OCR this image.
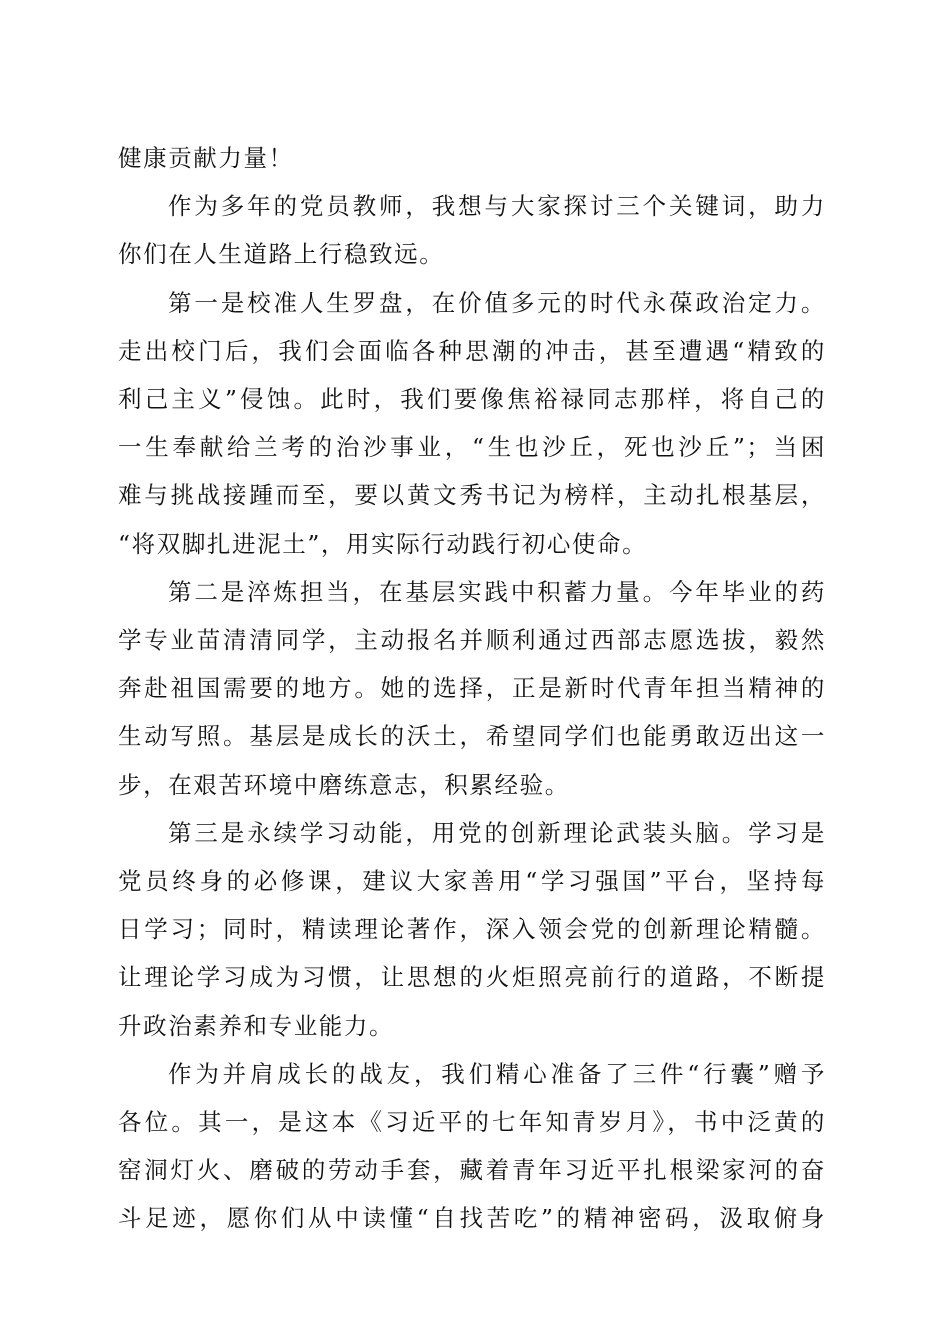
健康贡献力量！
作为多年的党员教师，我想与大家探讨三个关键词，助力
你们在人生道路上行稳致远。
第一是校准人生罗盘，在价值多元的时代永葆政治定力。
走出校门后，我们会面临各种思潮的冲击，甚至遭遇“精致的
利己主义”侵蚀。此时，我们要像焦裕禄同志那样，将自己的
一生奉献给兰考的治沙事业，“生也沙丘，死也沙丘”；当困
难与挑战接踵而至，要以黄文秀书记为榜样，主动扎根基层，
“将双脚扎进泥土”，用实际行动践行初心使命。
第二是淬炼担当，在基层实践中积蓄力量。今年毕业的药
学专业苗清清同学，主动报名并顺利通过西部志愿选拔，毅然
奔赴祖国需要的地方。她的选择，正是新时代青年担当精神的
生动写照。基层是成长的沃土，希望同学们也能勇敢迈出这一
步，在艰苦环境中磨练意志，积累经验。
第三是永续学习动能，用党的创新理论武装头脑。学习是
党员终身的必修课，建议大家善用“学习强国”平台，坚持每
日学习；同时，精读理论著作，深入领会党的创新理论精髓。
让理论学习成为习惯，让思想的火炬照亮前行的道路，不断提
升政治素养和专业能力。
作为并肩成长的战友，我们精心准备了三件“行囊”赠予
各位。其一，是这本《习近平的七年知青岁月》，书中泛黄的
窑洞灯火、磨破的劳动手套，藏着青年习近平扎根梁家河的奋
斗足迹，愿你们从中读懂“自找苦吃”的精神密码，汲取俯身
